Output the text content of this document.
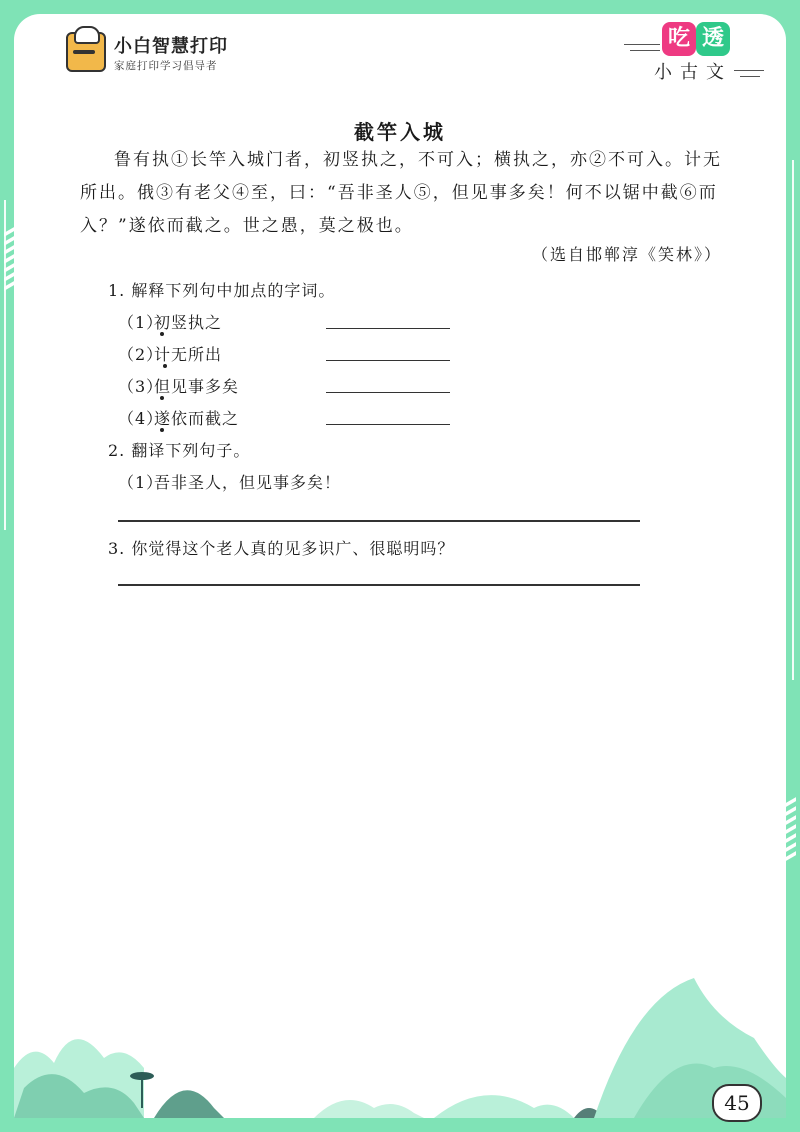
小白智慧打印
家庭打印学习倡导者
吃 透
小古文
截竿入城
鲁有执①长竿入城门者，初竖执之，不可入；横执之，亦②不可入。计无所出。俄③有老父④至，曰：“吾非圣人⑤，但见事多矣！何不以锯中截⑥而入？”遂依而截之。世之愚，莫之极也。
（选自邯郸淳《笑林》）
1. 解释下列句中加点的字词。
（1）初竖执之
（2）计无所出
（3）但见事多矣
（4）遂依而截之
2. 翻译下列句子。
（1）吾非圣人，但见事多矣！
3. 你觉得这个老人真的见多识广、很聪明吗？
45
